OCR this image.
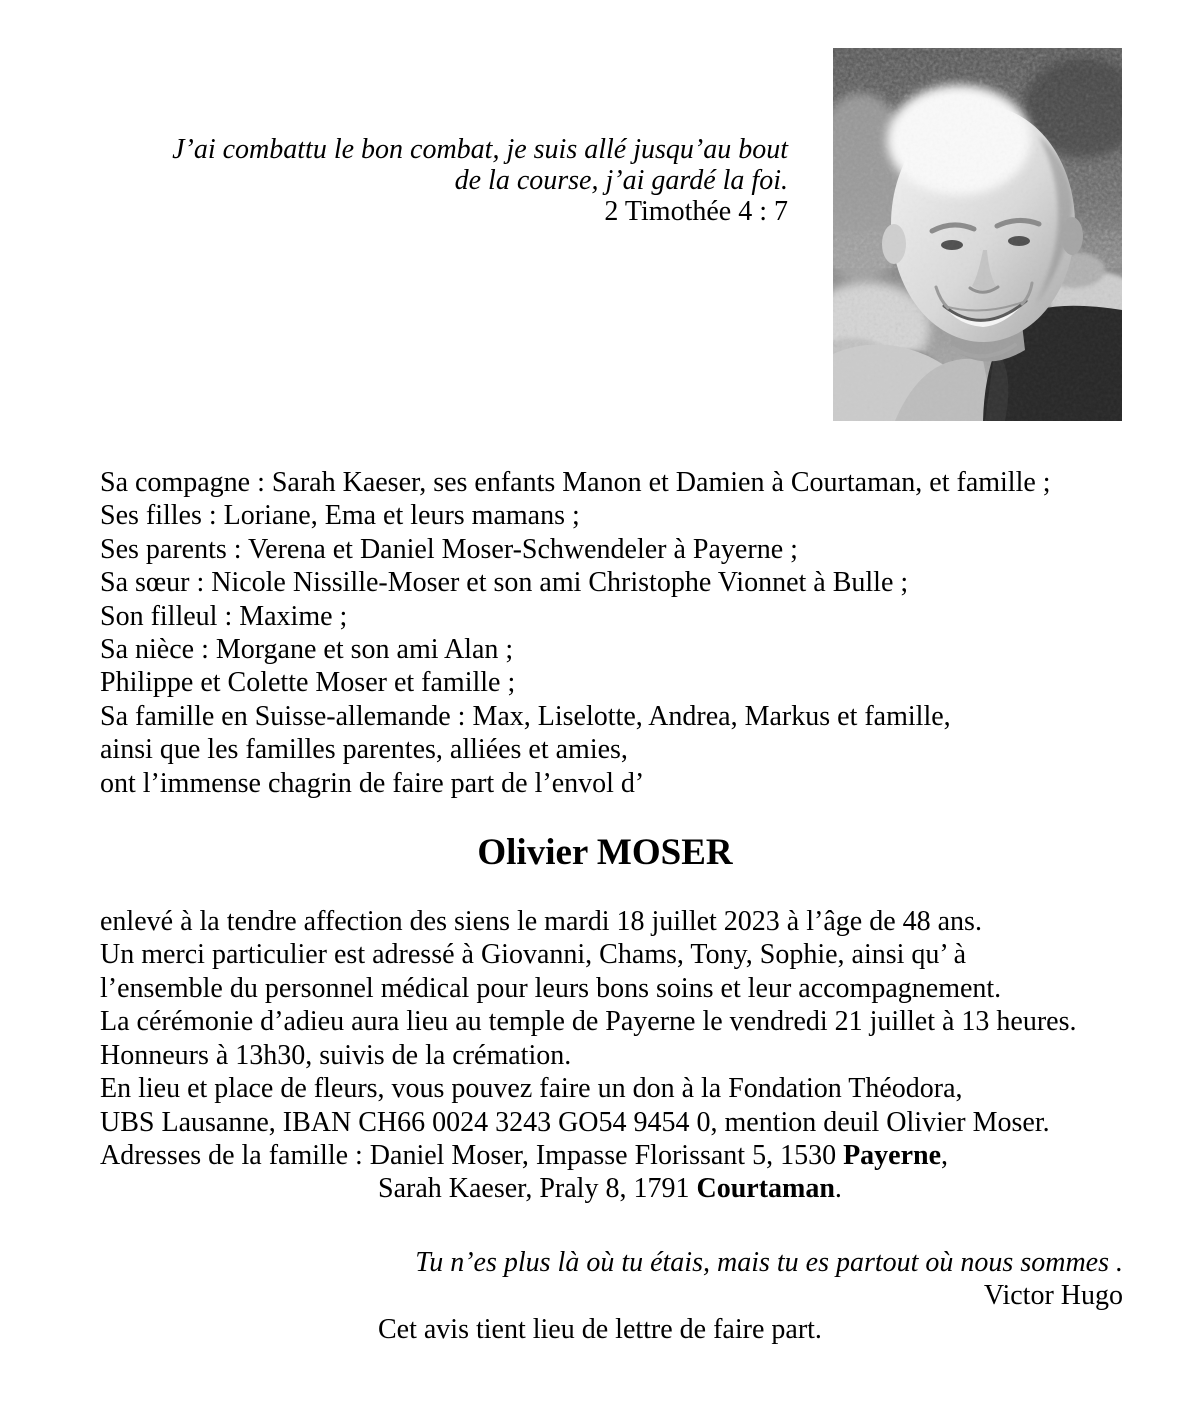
J’ai combattu le bon combat, je suis allé jusqu’au bout
de la course, j’ai gardé la foi.
2 Timothée 4 : 7
Sa compagne : Sarah Kaeser, ses enfants Manon et Damien à Courtaman, et famille ;
Ses filles : Loriane, Ema et leurs mamans ;
Ses parents : Verena et Daniel Moser-Schwendeler à Payerne ;
Sa sœur : Nicole Nissille-Moser et son ami Christophe Vionnet à Bulle ;
Son filleul : Maxime ;
Sa nièce : Morgane et son ami Alan ;
Philippe et Colette Moser et famille ;
Sa famille en Suisse-allemande : Max, Liselotte, Andrea, Markus et famille,
ainsi que les familles parentes, alliées et amies,
ont l’immense chagrin de faire part de l’envol d’
Olivier MOSER
enlevé à la tendre affection des siens le mardi 18 juillet 2023 à l’âge de 48 ans.
Un merci particulier est adressé à Giovanni, Chams, Tony, Sophie, ainsi qu’ à
l’ensemble du personnel médical pour leurs bons soins et leur accompagnement.
La cérémonie d’adieu aura lieu au temple de Payerne le vendredi 21 juillet à 13 heures.
Honneurs à 13h30, suivis de la crémation.
En lieu et place de fleurs, vous pouvez faire un don à la Fondation Théodora,
UBS Lausanne, IBAN CH66 0024 3243 GO54 9454 0, mention deuil Olivier Moser.
Adresses de la famille : Daniel Moser, Impasse Florissant 5, 1530 Payerne,
Sarah Kaeser, Praly 8, 1791 Courtaman.
Tu n’es plus là où tu étais, mais tu es partout où nous sommes .
Victor Hugo
Cet avis tient lieu de lettre de faire part.
